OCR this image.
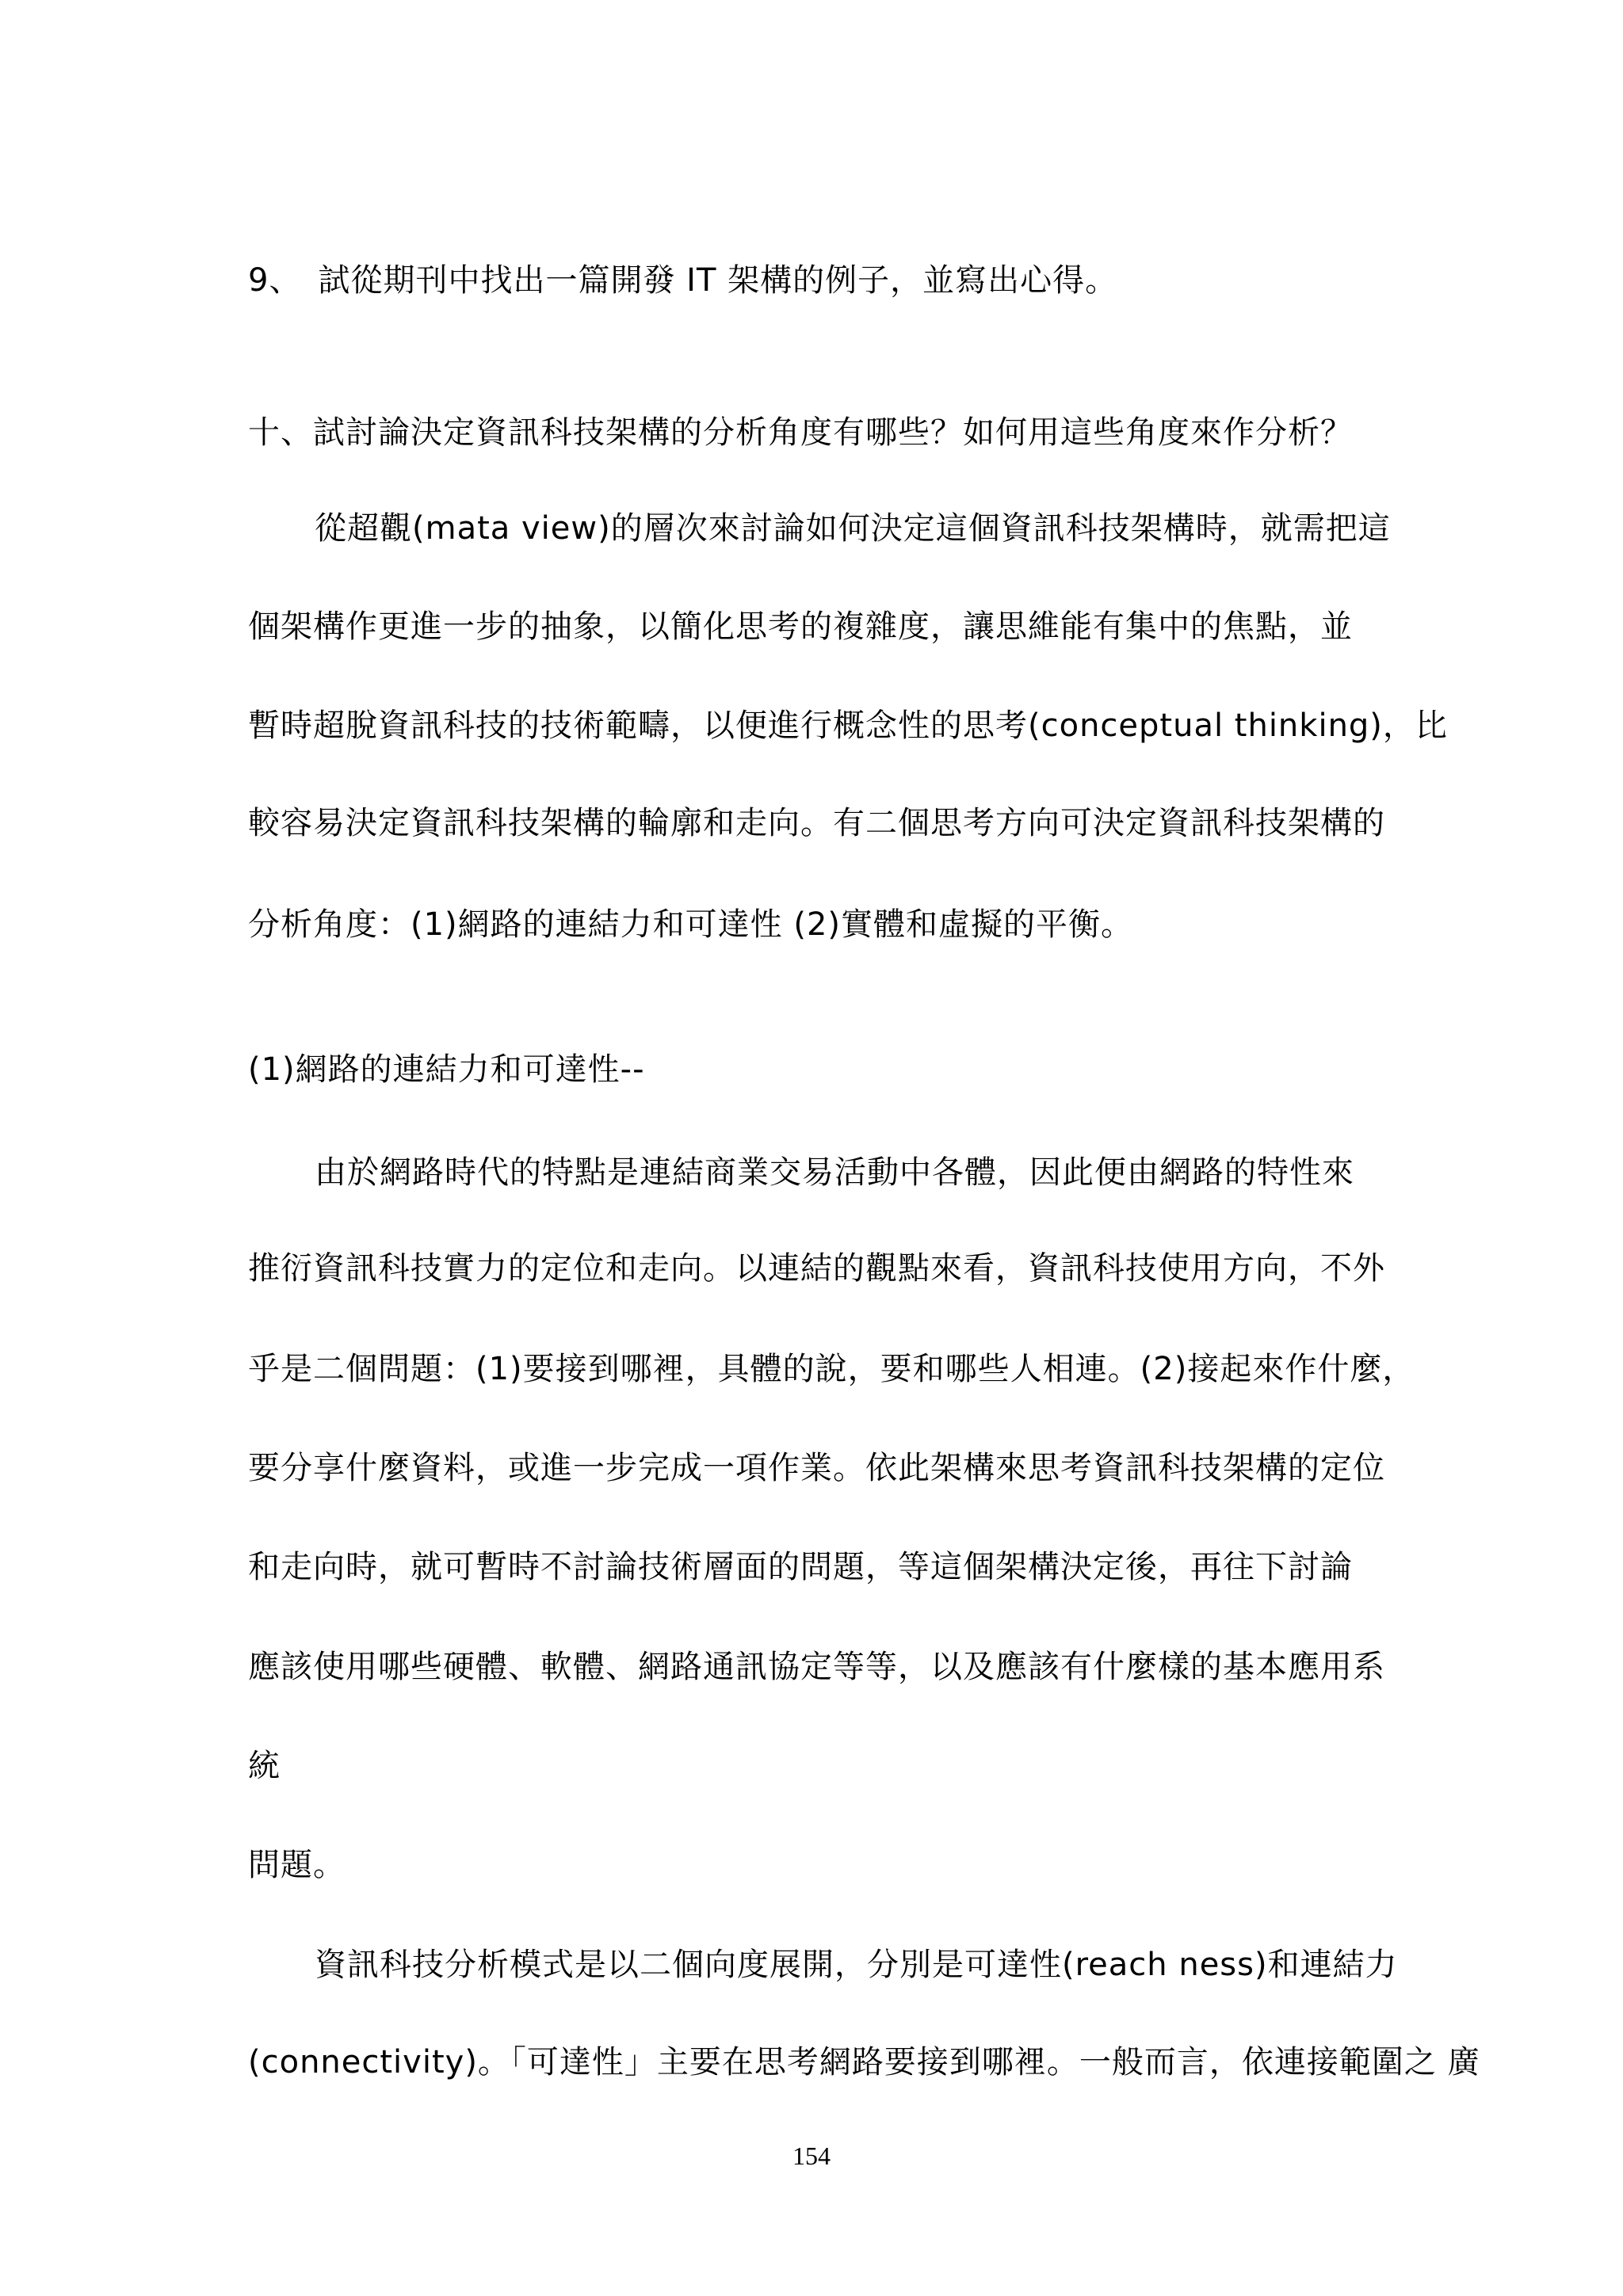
9、　試從期刊中找出一篇開發 IT 架構的例子，並寫出心得。
十、試討論決定資訊科技架構的分析角度有哪些？如何用這些角度來作分析？
從超觀(mata view)的層次來討論如何決定這個資訊科技架構時，就需把這
個架構作更進一步的抽象，以簡化思考的複雜度，讓思維能有集中的焦點，並
暫時超脫資訊科技的技術範疇，以便進行概念性的思考(conceptual thinking)，比
較容易決定資訊科技架構的輪廓和走向。有二個思考方向可決定資訊科技架構的
分析角度：(1)網路的連結力和可達性 (2)實體和虛擬的平衡。
(1)網路的連結力和可達性--
由於網路時代的特點是連結商業交易活動中各體，因此便由網路的特性來
推衍資訊科技實力的定位和走向。以連結的觀點來看，資訊科技使用方向，不外
乎是二個問題：(1)要接到哪裡，具體的說，要和哪些人相連。(2)接起來作什麼，
要分享什麼資料，或進一步完成一項作業。依此架構來思考資訊科技架構的定位
和走向時，就可暫時不討論技術層面的問題，等這個架構決定後，再往下討論
應該使用哪些硬體、軟體、網路通訊協定等等，以及應該有什麼樣的基本應用系
統
問題。
資訊科技分析模式是以二個向度展開，分別是可達性(reach ness)和連結力
(connectivity)。「可達性」主要在思考網路要接到哪裡。一般而言，依連接範圍之 廣
154
